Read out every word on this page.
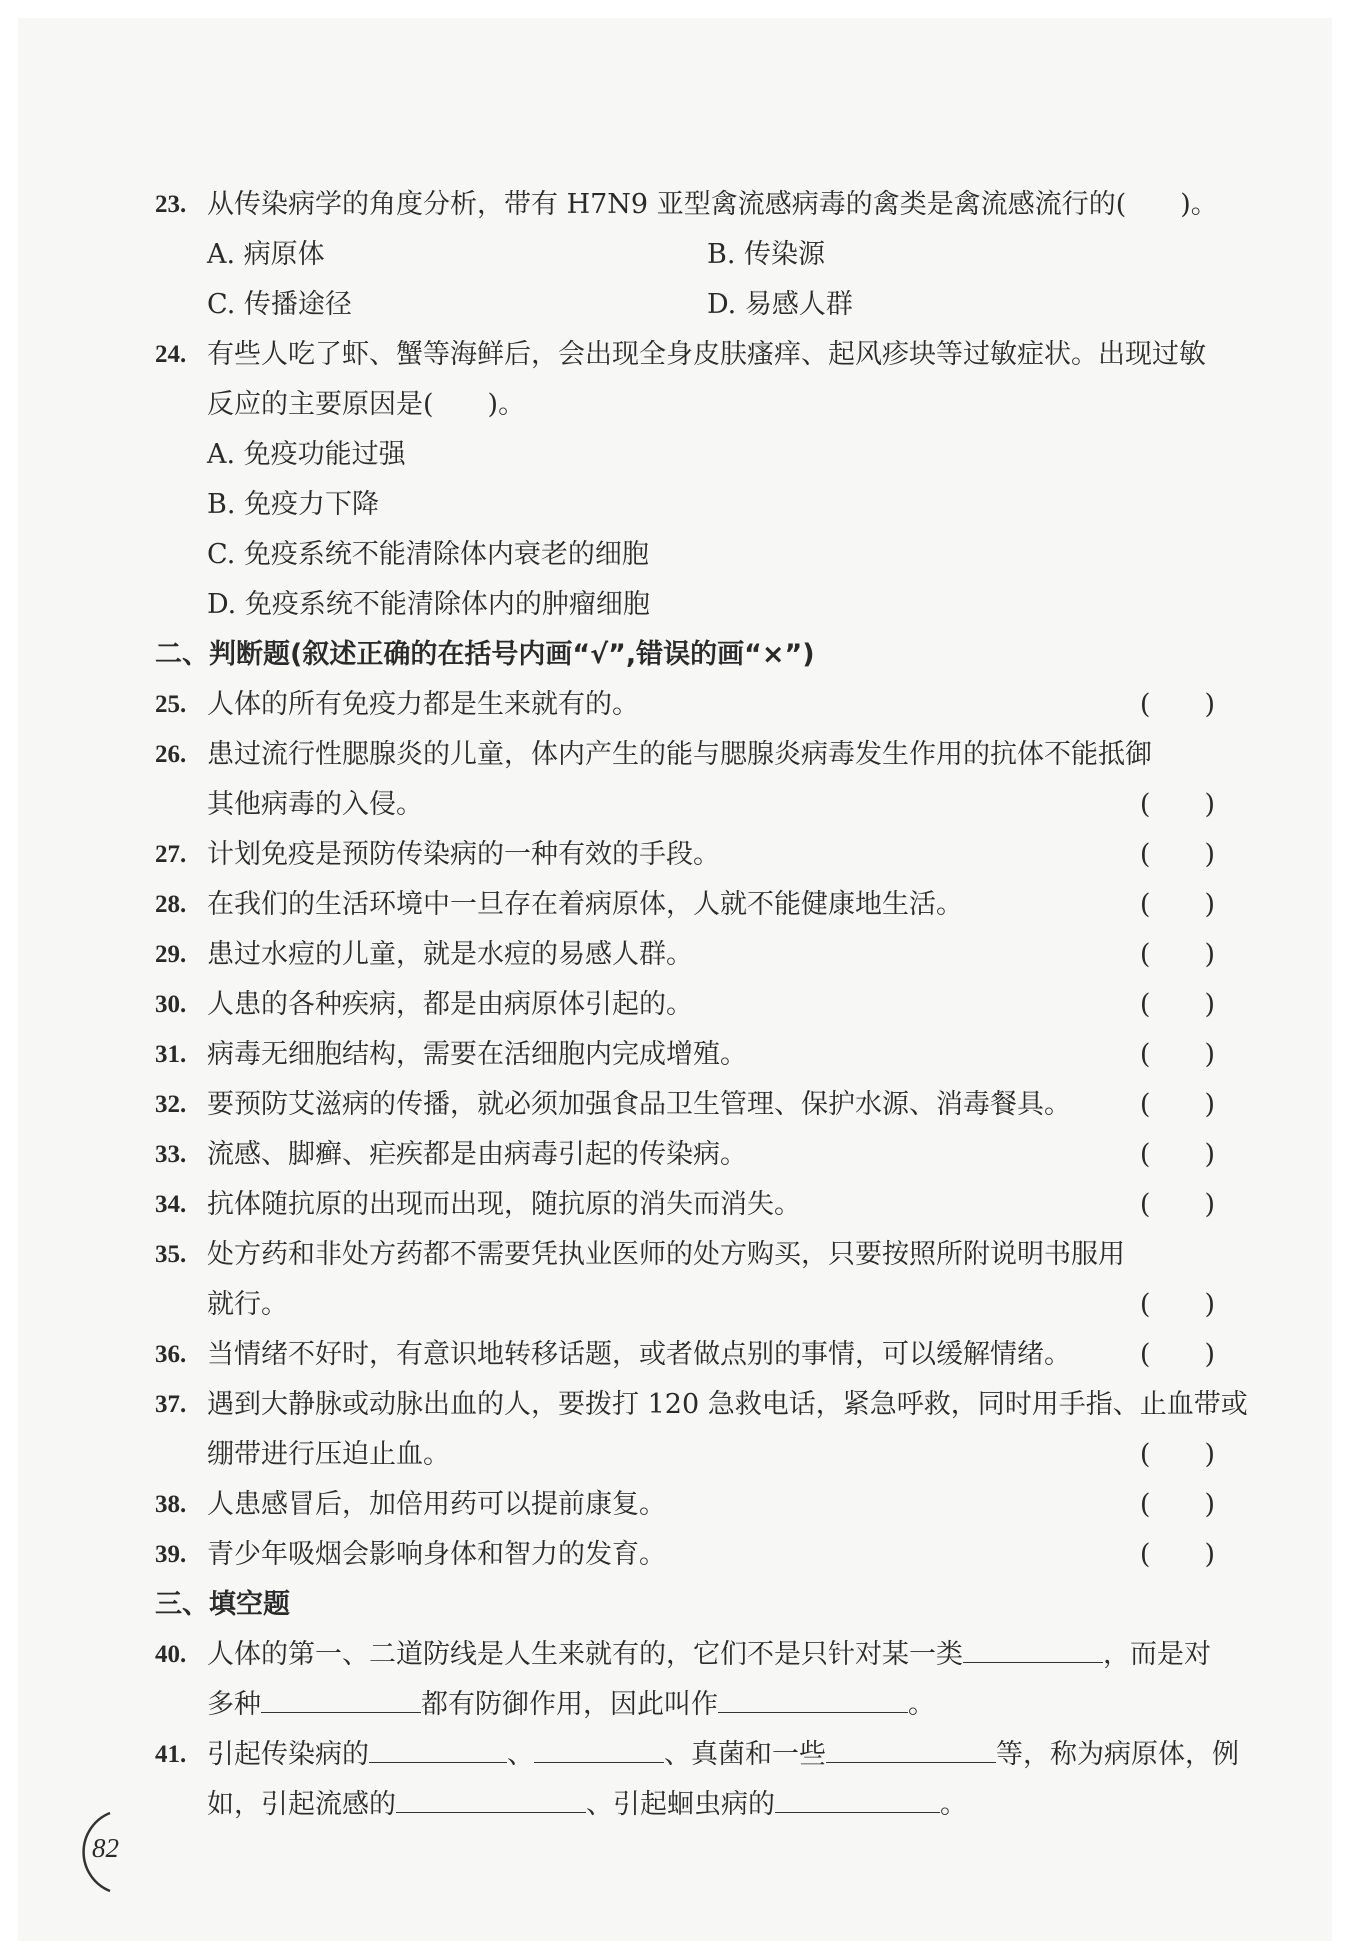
23. 从传染病学的角度分析，带有 H7N9 亚型禽流感病毒的禽类是禽流感流行的(　　)。
A. 病原体	B. 传染源
C. 传播途径	D. 易感人群
24. 有些人吃了虾、蟹等海鲜后，会出现全身皮肤瘙痒、起风疹块等过敏症状。出现过敏
反应的主要原因是(　　)。
A. 免疫功能过强
B. 免疫力下降
C. 免疫系统不能清除体内衰老的细胞
D. 免疫系统不能清除体内的肿瘤细胞
二、判断题(叙述正确的在括号内画“√”,错误的画“×”)
25. 人体的所有免疫力都是生来就有的。	(　　)
26. 患过流行性腮腺炎的儿童，体内产生的能与腮腺炎病毒发生作用的抗体不能抵御
其他病毒的入侵。	(　　)
27. 计划免疫是预防传染病的一种有效的手段。	(　　)
28. 在我们的生活环境中一旦存在着病原体，人就不能健康地生活。	(　　)
29. 患过水痘的儿童，就是水痘的易感人群。	(　　)
30. 人患的各种疾病，都是由病原体引起的。	(　　)
31. 病毒无细胞结构，需要在活细胞内完成增殖。	(　　)
32. 要预防艾滋病的传播，就必须加强食品卫生管理、保护水源、消毒餐具。	(　　)
33. 流感、脚癣、疟疾都是由病毒引起的传染病。	(　　)
34. 抗体随抗原的出现而出现，随抗原的消失而消失。	(　　)
35. 处方药和非处方药都不需要凭执业医师的处方购买，只要按照所附说明书服用
就行。	(　　)
36. 当情绪不好时，有意识地转移话题，或者做点别的事情，可以缓解情绪。	(　　)
37. 遇到大静脉或动脉出血的人，要拨打 120 急救电话，紧急呼救，同时用手指、止血带或
绷带进行压迫止血。	(　　)
38. 人患感冒后，加倍用药可以提前康复。	(　　)
39. 青少年吸烟会影响身体和智力的发育。	(　　)
三、填空题
40. 人体的第一、二道防线是人生来就有的，它们不是只针对某一类	，而是对
多种	都有防御作用，因此叫作	。
41. 引起传染病的	、	、真菌和一些	等，称为病原体，例
如，引起流感的	、引起蛔虫病的	。
82
